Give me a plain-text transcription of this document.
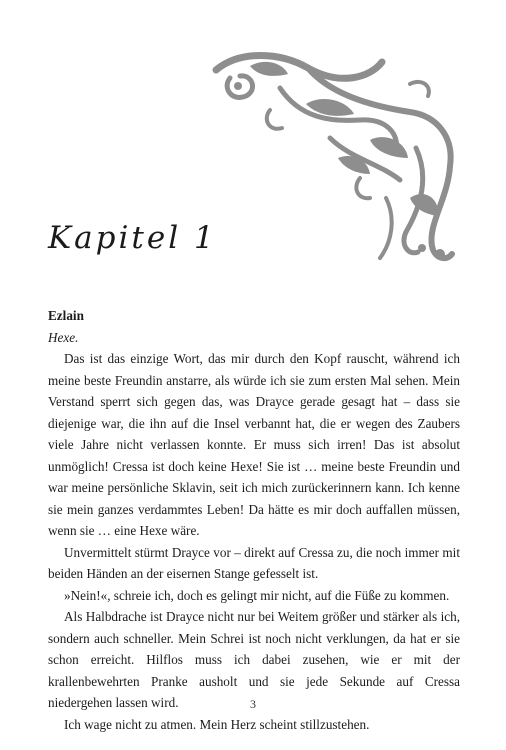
Kapitel 1

Ezlain

Hexe.

Das ist das einzige Wort, das mir durch den Kopf rauscht, während ich meine beste Freundin anstarre, als würde ich sie zum ersten Mal sehen. Mein Verstand sperrt sich gegen das, was Drayce gerade gesagt hat – dass sie diejenige war, die ihn auf die Insel verbannt hat, die er wegen des Zaubers viele Jahre nicht verlassen konnte. Er muss sich irren! Das ist absolut unmöglich! Cressa ist doch keine Hexe! Sie ist … meine beste Freundin und war meine persönliche Sklavin, seit ich mich zurückerinnern kann. Ich kenne sie mein ganzes verdammtes Leben! Da hätte es mir doch auffallen müssen, wenn sie … eine Hexe wäre.

Unvermittelt stürmt Drayce vor – direkt auf Cressa zu, die noch immer mit beiden Händen an der eisernen Stange gefesselt ist.

»Nein!«, schreie ich, doch es gelingt mir nicht, auf die Füße zu kommen.

Als Halbdrache ist Drayce nicht nur bei Weitem größer und stärker als ich, sondern auch schneller. Mein Schrei ist noch nicht verklungen, da hat er sie schon erreicht. Hilflos muss ich dabei zusehen, wie er mit der krallenbewehrten Pranke ausholt und sie jede Sekunde auf Cressa niedergehen lassen wird.

Ich wage nicht zu atmen. Mein Herz scheint stillzustehen.

3
